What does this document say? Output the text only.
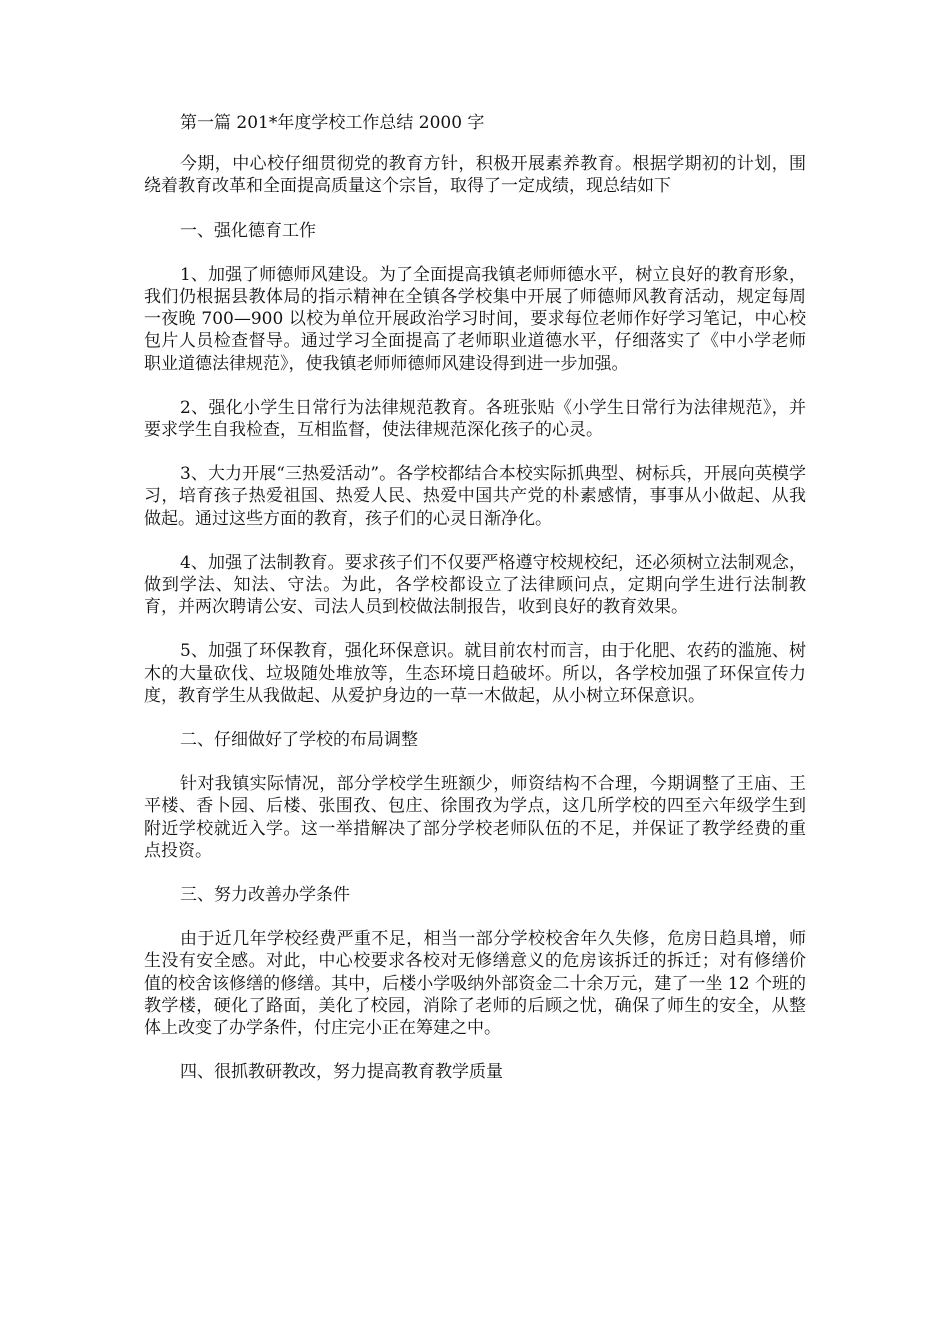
第一篇 201*年度学校工作总结 2000 字

今期，中心校仔细贯彻党的教育方针，积极开展素养教育。根据学期初的计划，围绕着教育改革和全面提高质量这个宗旨，取得了一定成绩，现总结如下

一、强化德育工作

1、加强了师德师风建设。为了全面提高我镇老师师德水平，树立良好的教育形象，我们仍根据县教体局的指示精神在全镇各学校集中开展了师德师风教育活动，规定每周一夜晚 700—900 以校为单位开展政治学习时间，要求每位老师作好学习笔记，中心校包片人员检查督导。通过学习全面提高了老师职业道德水平，仔细落实了《中小学老师职业道德法律规范》，使我镇老师师德师风建设得到进一步加强。

2、强化小学生日常行为法律规范教育。各班张贴《小学生日常行为法律规范》，并要求学生自我检查，互相监督，使法律规范深化孩子的心灵。

3、大力开展“三热爱活动”。各学校都结合本校实际抓典型、树标兵，开展向英模学习，培育孩子热爱祖国、热爱人民、热爱中国共产党的朴素感情，事事从小做起、从我做起。通过这些方面的教育，孩子们的心灵日渐净化。

4、加强了法制教育。要求孩子们不仅要严格遵守校规校纪，还必须树立法制观念，做到学法、知法、守法。为此，各学校都设立了法律顾问点，定期向学生进行法制教育，并两次聘请公安、司法人员到校做法制报告，收到良好的教育效果。

5、加强了环保教育，强化环保意识。就目前农村而言，由于化肥、农药的滥施、树木的大量砍伐、垃圾随处堆放等，生态环境日趋破坏。所以，各学校加强了环保宣传力度，教育学生从我做起、从爱护身边的一草一木做起，从小树立环保意识。

二、仔细做好了学校的布局调整

针对我镇实际情况，部分学校学生班额少，师资结构不合理，今期调整了王庙、王平楼、香卜园、后楼、张围孜、包庄、徐围孜为学点，这几所学校的四至六年级学生到附近学校就近入学。这一举措解决了部分学校老师队伍的不足，并保证了教学经费的重点投资。

三、努力改善办学条件

由于近几年学校经费严重不足，相当一部分学校校舍年久失修，危房日趋具增，师生没有安全感。对此，中心校要求各校对无修缮意义的危房该拆迁的拆迁；对有修缮价值的校舍该修缮的修缮。其中，后楼小学吸纳外部资金二十余万元，建了一坐 12 个班的教学楼，硬化了路面，美化了校园，消除了老师的后顾之忧，确保了师生的安全，从整体上改变了办学条件，付庄完小正在筹建之中。

四、很抓教研教改，努力提高教育教学质量
